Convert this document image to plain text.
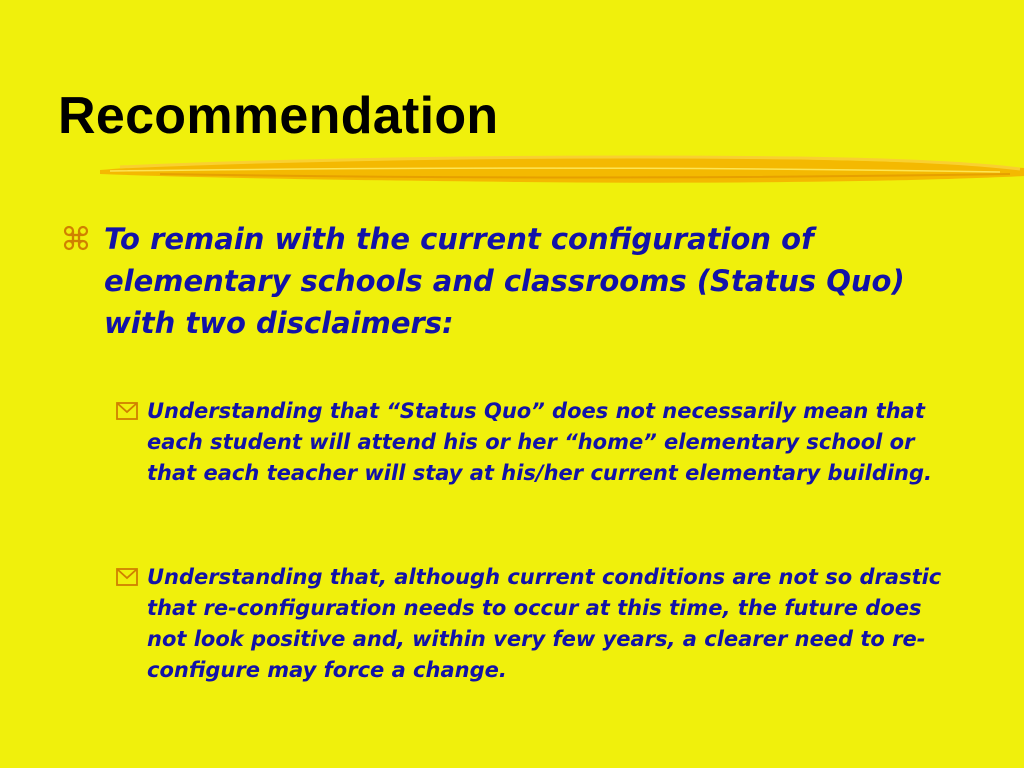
Recommendation
To remain with the current configuration of elementary schools and classrooms (Status Quo) with two disclaimers:
Understanding that “Status Quo” does not necessarily mean that each student will attend his or her “home” elementary school or that each teacher will stay at his/her current elementary building.
Understanding that, although current conditions are not so drastic that re-configuration needs to occur at this time, the future does not look positive and, within very few years, a clearer need to re-configure may force a change.
